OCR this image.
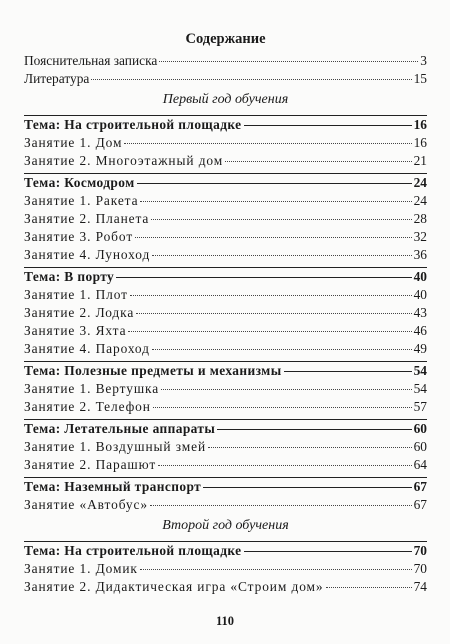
Содержание
Пояснительная записка	3
Литература	15
Первый год обучения
Тема: На строительной площадке	16
Занятие 1. Дом	16
Занятие 2. Многоэтажный дом	21
Тема: Космодром	24
Занятие 1. Ракета	24
Занятие 2. Планета	28
Занятие 3. Робот	32
Занятие 4. Луноход	36
Тема: В порту	40
Занятие 1. Плот	40
Занятие 2. Лодка	43
Занятие 3. Яхта	46
Занятие 4. Пароход	49
Тема: Полезные предметы и механизмы	54
Занятие 1. Вертушка	54
Занятие 2. Телефон	57
Тема: Летательные аппараты	60
Занятие 1. Воздушный змей	60
Занятие 2. Парашют	64
Тема: Наземный транспорт	67
Занятие «Автобус»	67
Второй год обучения
Тема: На строительной площадке	70
Занятие 1. Домик	70
Занятие 2. Дидактическая игра «Строим дом»	74
110
